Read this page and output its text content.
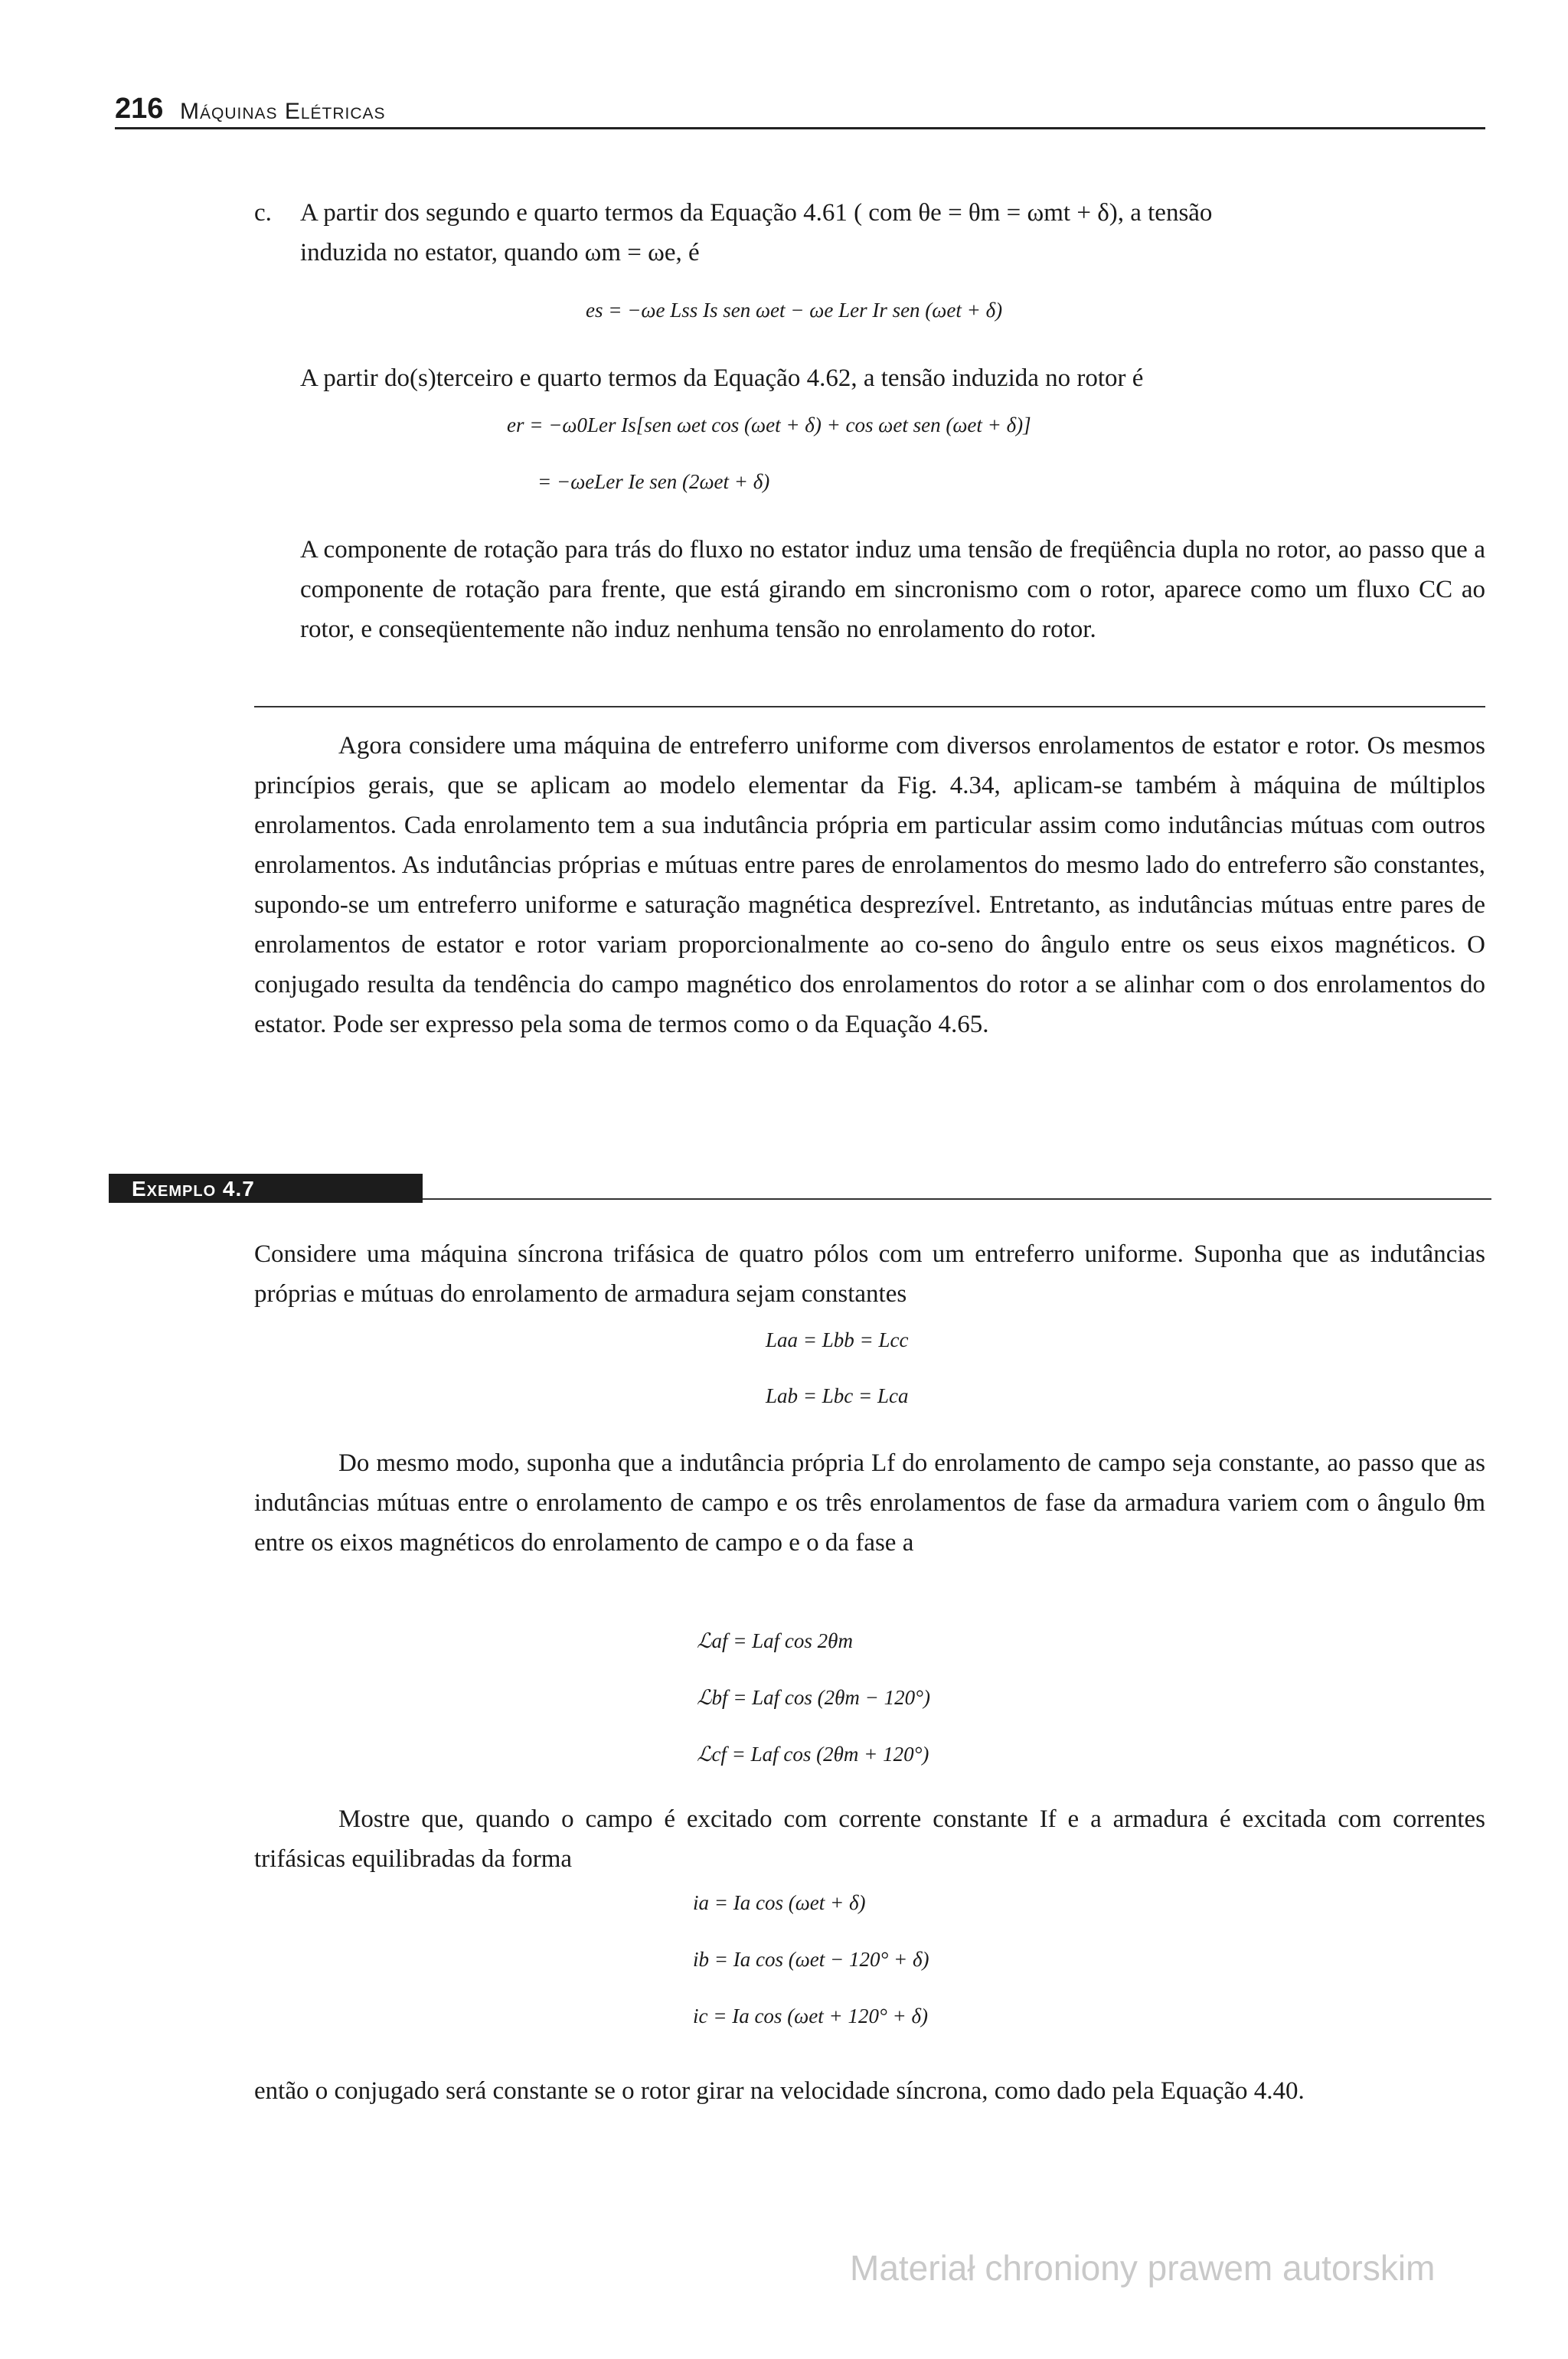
216 Máquinas Elétricas
c. A partir dos segundo e quarto termos da Equação 4.61 ( com θe = θm = ωmt + δ), a tensão
induzida no estator, quando ωm = ωe, é
es = −ωe Lss Is sen ωet − ωe Ler Ir sen (ωet + δ)
A partir do(s)terceiro e quarto termos da Equação 4.62, a tensão induzida no rotor é
er = −ω0Ler Is[sen ωet cos (ωet + δ) + cos ωet sen (ωet + δ)]
= −ωeLer Ie sen (2ωet + δ)
A componente de rotação para trás do fluxo no estator induz uma tensão de freqüência dupla no rotor, ao passo que a componente de rotação para frente, que está girando em sincronismo com o rotor, aparece como um fluxo CC ao rotor, e conseqüentemente não induz nenhuma tensão no enrolamento do rotor.
Agora considere uma máquina de entreferro uniforme com diversos enrolamentos de estator e rotor. Os mesmos princípios gerais, que se aplicam ao modelo elementar da Fig. 4.34, aplicam-se também à máquina de múltiplos enrolamentos. Cada enrolamento tem a sua indutância própria em particular assim como indutâncias mútuas com outros enrolamentos. As indutâncias próprias e mútuas entre pares de enrolamentos do mesmo lado do entreferro são constantes, supondo-se um entreferro uniforme e saturação magnética desprezível. Entretanto, as indutâncias mútuas entre pares de enrolamentos de estator e rotor variam proporcionalmente ao co-seno do ângulo entre os seus eixos magnéticos. O conjugado resulta da tendência do campo magnético dos enrolamentos do rotor a se alinhar com o dos enrolamentos do estator. Pode ser expresso pela soma de termos como o da Equação 4.65.
Exemplo 4.7
Considere uma máquina síncrona trifásica de quatro pólos com um entreferro uniforme. Suponha que as indutâncias próprias e mútuas do enrolamento de armadura sejam constantes
Laa = Lbb = Lcc
Lab = Lbc = Lca
Do mesmo modo, suponha que a indutância própria Lf do enrolamento de campo seja constante, ao passo que as indutâncias mútuas entre o enrolamento de campo e os três enrolamentos de fase da armadura variem com o ângulo θm entre os eixos magnéticos do enrolamento de campo e o da fase a
ℒaf = Laf cos 2θm
ℒbf = Laf cos (2θm − 120°)
ℒcf = Laf cos (2θm + 120°)
Mostre que, quando o campo é excitado com corrente constante If e a armadura é excitada com correntes trifásicas equilibradas da forma
ia = Ia cos (ωet + δ)
ib = Ia cos (ωet − 120° + δ)
ic = Ia cos (ωet + 120° + δ)
então o conjugado será constante se o rotor girar na velocidade síncrona, como dado pela Equação 4.40.
Materiał chroniony prawem autorskim
